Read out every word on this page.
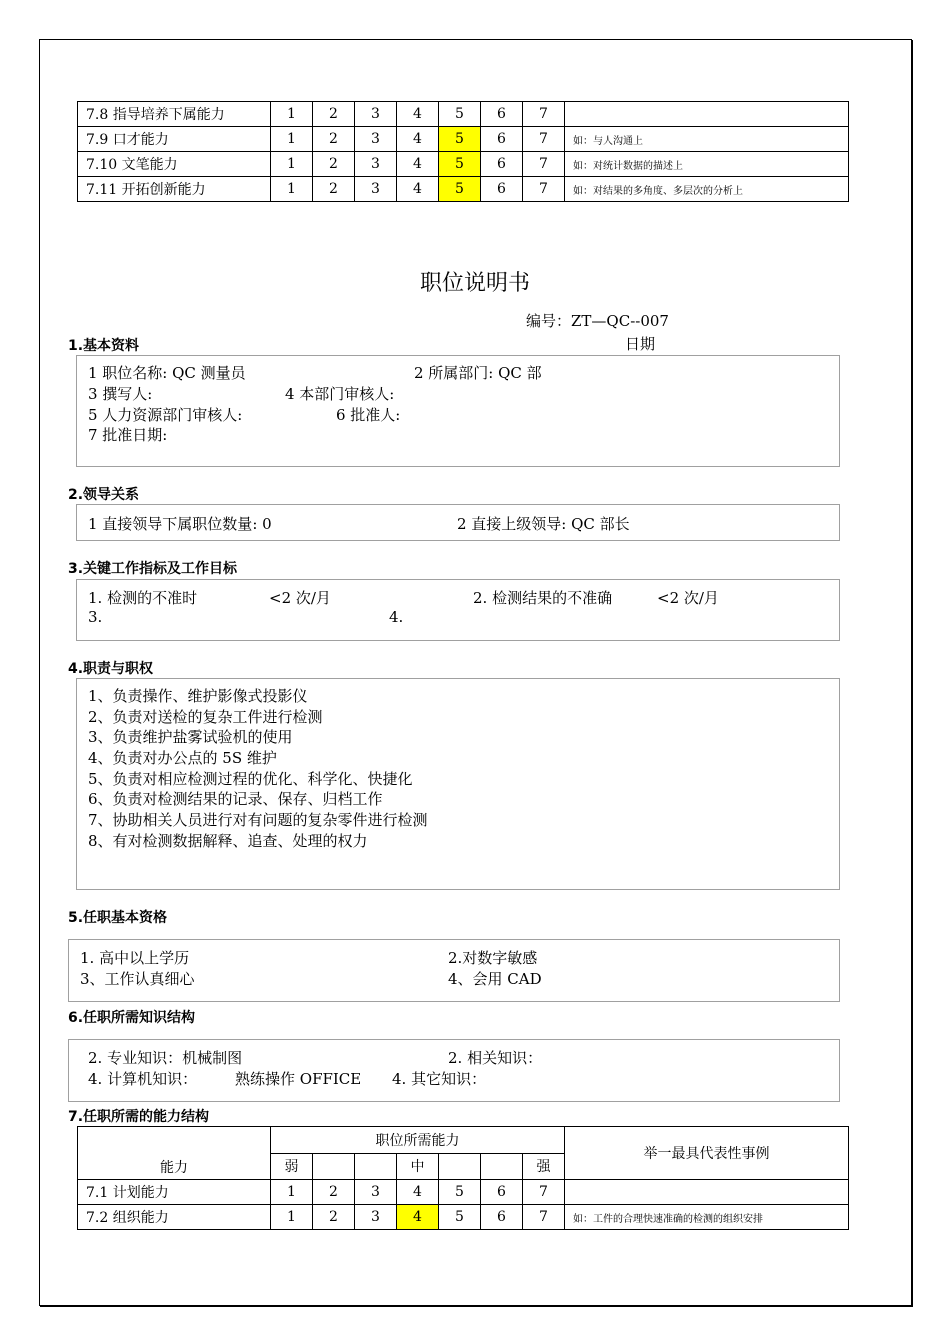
7.8 指导培养下属能力	1	2	3	4	5	6	7	
7.9 口才能力	1	2	3	4	5	6	7	如：与人沟通上
7.10 文笔能力	1	2	3	4	5	6	7	如：对统计数据的描述上
7.11 开拓创新能力	1	2	3	4	5	6	7	如：对结果的多角度、多层次的分析上
职位说明书
编号：ZT—QC--007
日期
1.基本资料
1 职位名称: QC 测量员	2 所属部门: QC 部
3 撰写人:	4 本部门审核人:
5 人力资源部门审核人:	6 批准人:
7 批准日期:
2.领导关系
1 直接领导下属职位数量: 0	2 直接上级领导: QC 部长
3.关键工作指标及工作目标
1. 检测的不准时	<2 次/月	2. 检测结果的不准确	<2 次/月
3.	4.
4.职责与职权
1、负责操作、维护影像式投影仪
2、负责对送检的复杂工件进行检测
3、负责维护盐雾试验机的使用
4、负责对办公点的 5S 维护
5、负责对相应检测过程的优化、科学化、快捷化
6、负责对检测结果的记录、保存、归档工作
7、协助相关人员进行对有问题的复杂零件进行检测
8、有对检测数据解释、追查、处理的权力
5.任职基本资格
1. 高中以上学历	2.对数字敏感
3、工作认真细心	4、会用 CAD
6.任职所需知识结构
2. 专业知识：机械制图	2. 相关知识：
4. 计算机知识：	熟练操作 OFFICE 4. 其它知识：
7.任职所需的能力结构
能力	职位所需能力							举一最具代表性事例
	弱			中			强	
7.1 计划能力	1	2	3	4	5	6	7	
7.2 组织能力	1	2	3	4	5	6	7	如：工件的合理快速准确的检测的组织安排
